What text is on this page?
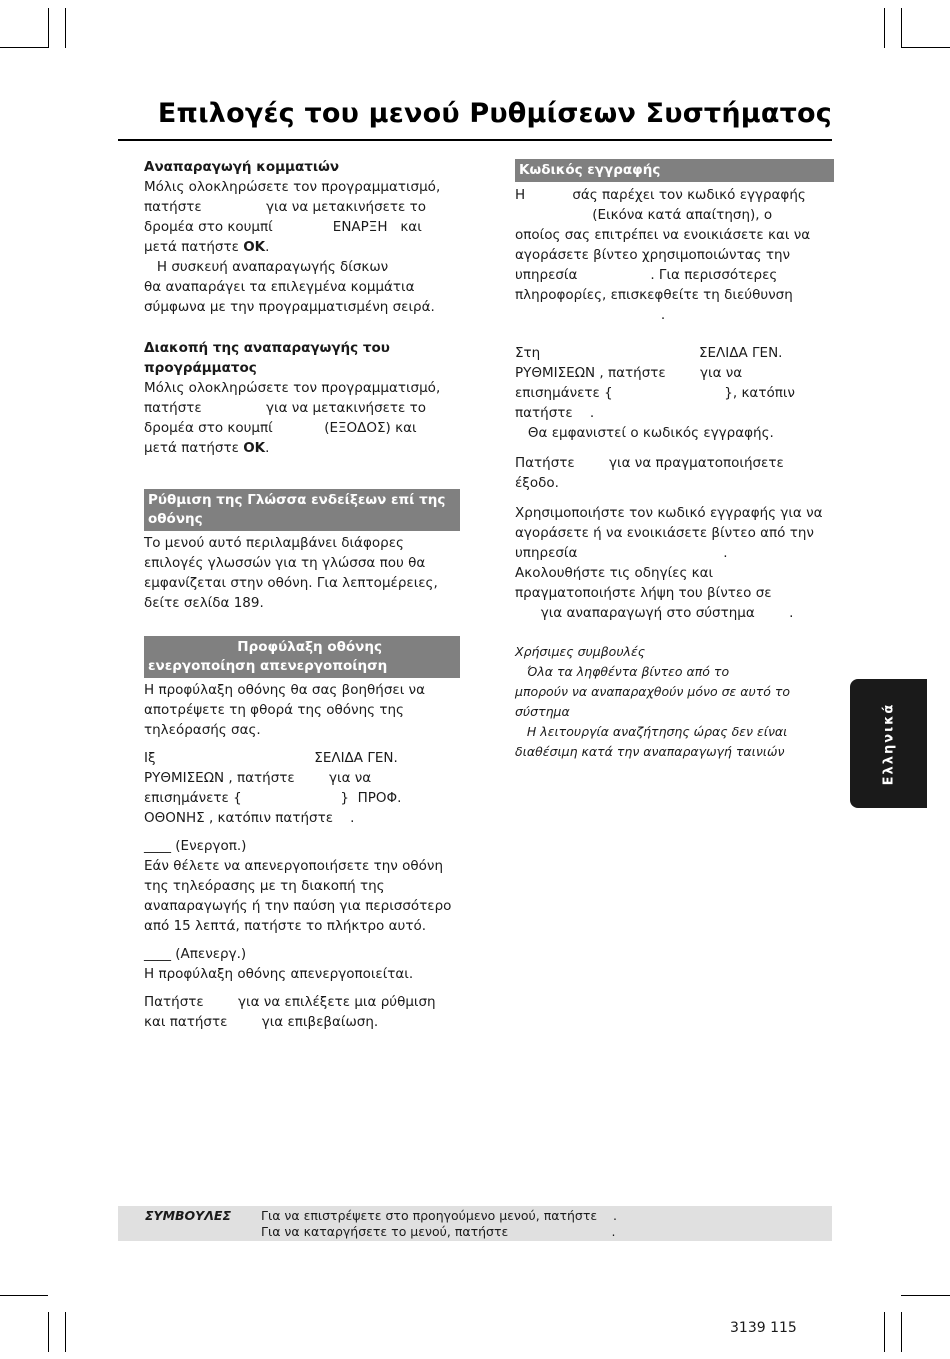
Επιλογές του μενού Ρυθμίσεων Συστήματος

Αναπαραγωγή κομματιών

Μόλις ολοκληρώσετε τον προγραμματισμό,

πατήστε               για να μετακινήσετε το

δρομέα στο κουμπί              ΕΝΑΡΞΗ   και

μετά πατήστε OK.

Η συσκευή αναπαραγωγής δίσκων

θα αναπαράγει τα επιλεγμένα κομμάτια

σύμφωνα με την προγραμματισμένη σειρά.

Διακοπή της αναπαραγωγής του

προγράμματος

Μόλις ολοκληρώσετε τον προγραμματισμό,

πατήστε               για να μετακινήσετε το

δρομέα στο κουμπί            (ΕΞΟΔΟΣ) και

μετά πατήστε OK.

Ρύθμιση της Γλώσσα ενδείξεων επί της
οθόνης

Το μενού αυτό περιλαμβάνει διάφορες

επιλογές γλωσσών για τη γλώσσα που θα

εμφανίζεται στην οθόνη. Για λεπτομέρειες,

δείτε σελίδα 189.

Προφύλαξη οθόνης
ενεργοποίηση απενεργοποίηση

Η προφύλαξη οθόνης θα σας βοηθήσει να

αποτρέψετε τη φθορά της οθόνης της

τηλεόρασής σας.

Ιξ                                     ΣΕΛΙΔΑ ΓΕΝ.

ΡΥΘΜΙΣΕΩΝ , πατήστε        για να

επισημάνετε {                       }  ΠΡΟΦ.

ΟΘΟΝΗΣ , κατόπιν πατήστε    .

____ (Ενεργοπ.)

Εάν θέλετε να απενεργοποιήσετε την οθόνη

της τηλεόρασης με τη διακοπή της

αναπαραγωγής ή την παύση για περισσότερο

από 15 λεπτά, πατήστε το πλήκτρο αυτό.

____ (Απενεργ.)

Η προφύλαξη οθόνης απενεργοποιείται.

Πατήστε        για να επιλέξετε μια ρύθμιση

και πατήστε        για επιβεβαίωση.

Κωδικός εγγραφής

Η           σάς παρέχει τον κωδικό εγγραφής

(Εικόνα κατά απαίτηση), ο

οποίος σας επιτρέπει να ενοικιάσετε και να

αγοράσετε βίντεο χρησιμοποιώντας την

υπηρεσία                 . Για περισσότερες

πληροφορίες, επισκεφθείτε τη διεύθυνση

.

Στη                                     ΣΕΛΙΔΑ ΓΕΝ.

ΡΥΘΜΙΣΕΩΝ , πατήστε        για να

επισημάνετε {                          }, κατόπιν

πατήστε    .

Θα εμφανιστεί ο κωδικός εγγραφής.

Πατήστε        για να πραγματοποιήσετε

έξοδο.

Χρησιμοποιήστε τον κωδικό εγγραφής για να

αγοράσετε ή να ενοικιάσετε βίντεο από την

υπηρεσία                                  .

Ακολουθήστε τις οδηγίες και

πραγματοποιήστε λήψη του βίντεο σε

για αναπαραγωγή στο σύστημα        .

Χρήσιμες συμβουλές

Όλα τα ληφθέντα βίντεο από το

μπορούν να αναπαραχθούν μόνο σε αυτό το

σύστημα

Η λειτουργία αναζήτησης ώρας δεν είναι

διαθέσιμη κατά την αναπαραγωγή ταινιών	Ελληνικά
ΣΥΜΒΟΥΛΕΣ Για να επιστρέψετε στο προηγούμενο μενού, πατήστε    .
Για να καταργήσετε το μενού, πατήστε                          .
3139 115
